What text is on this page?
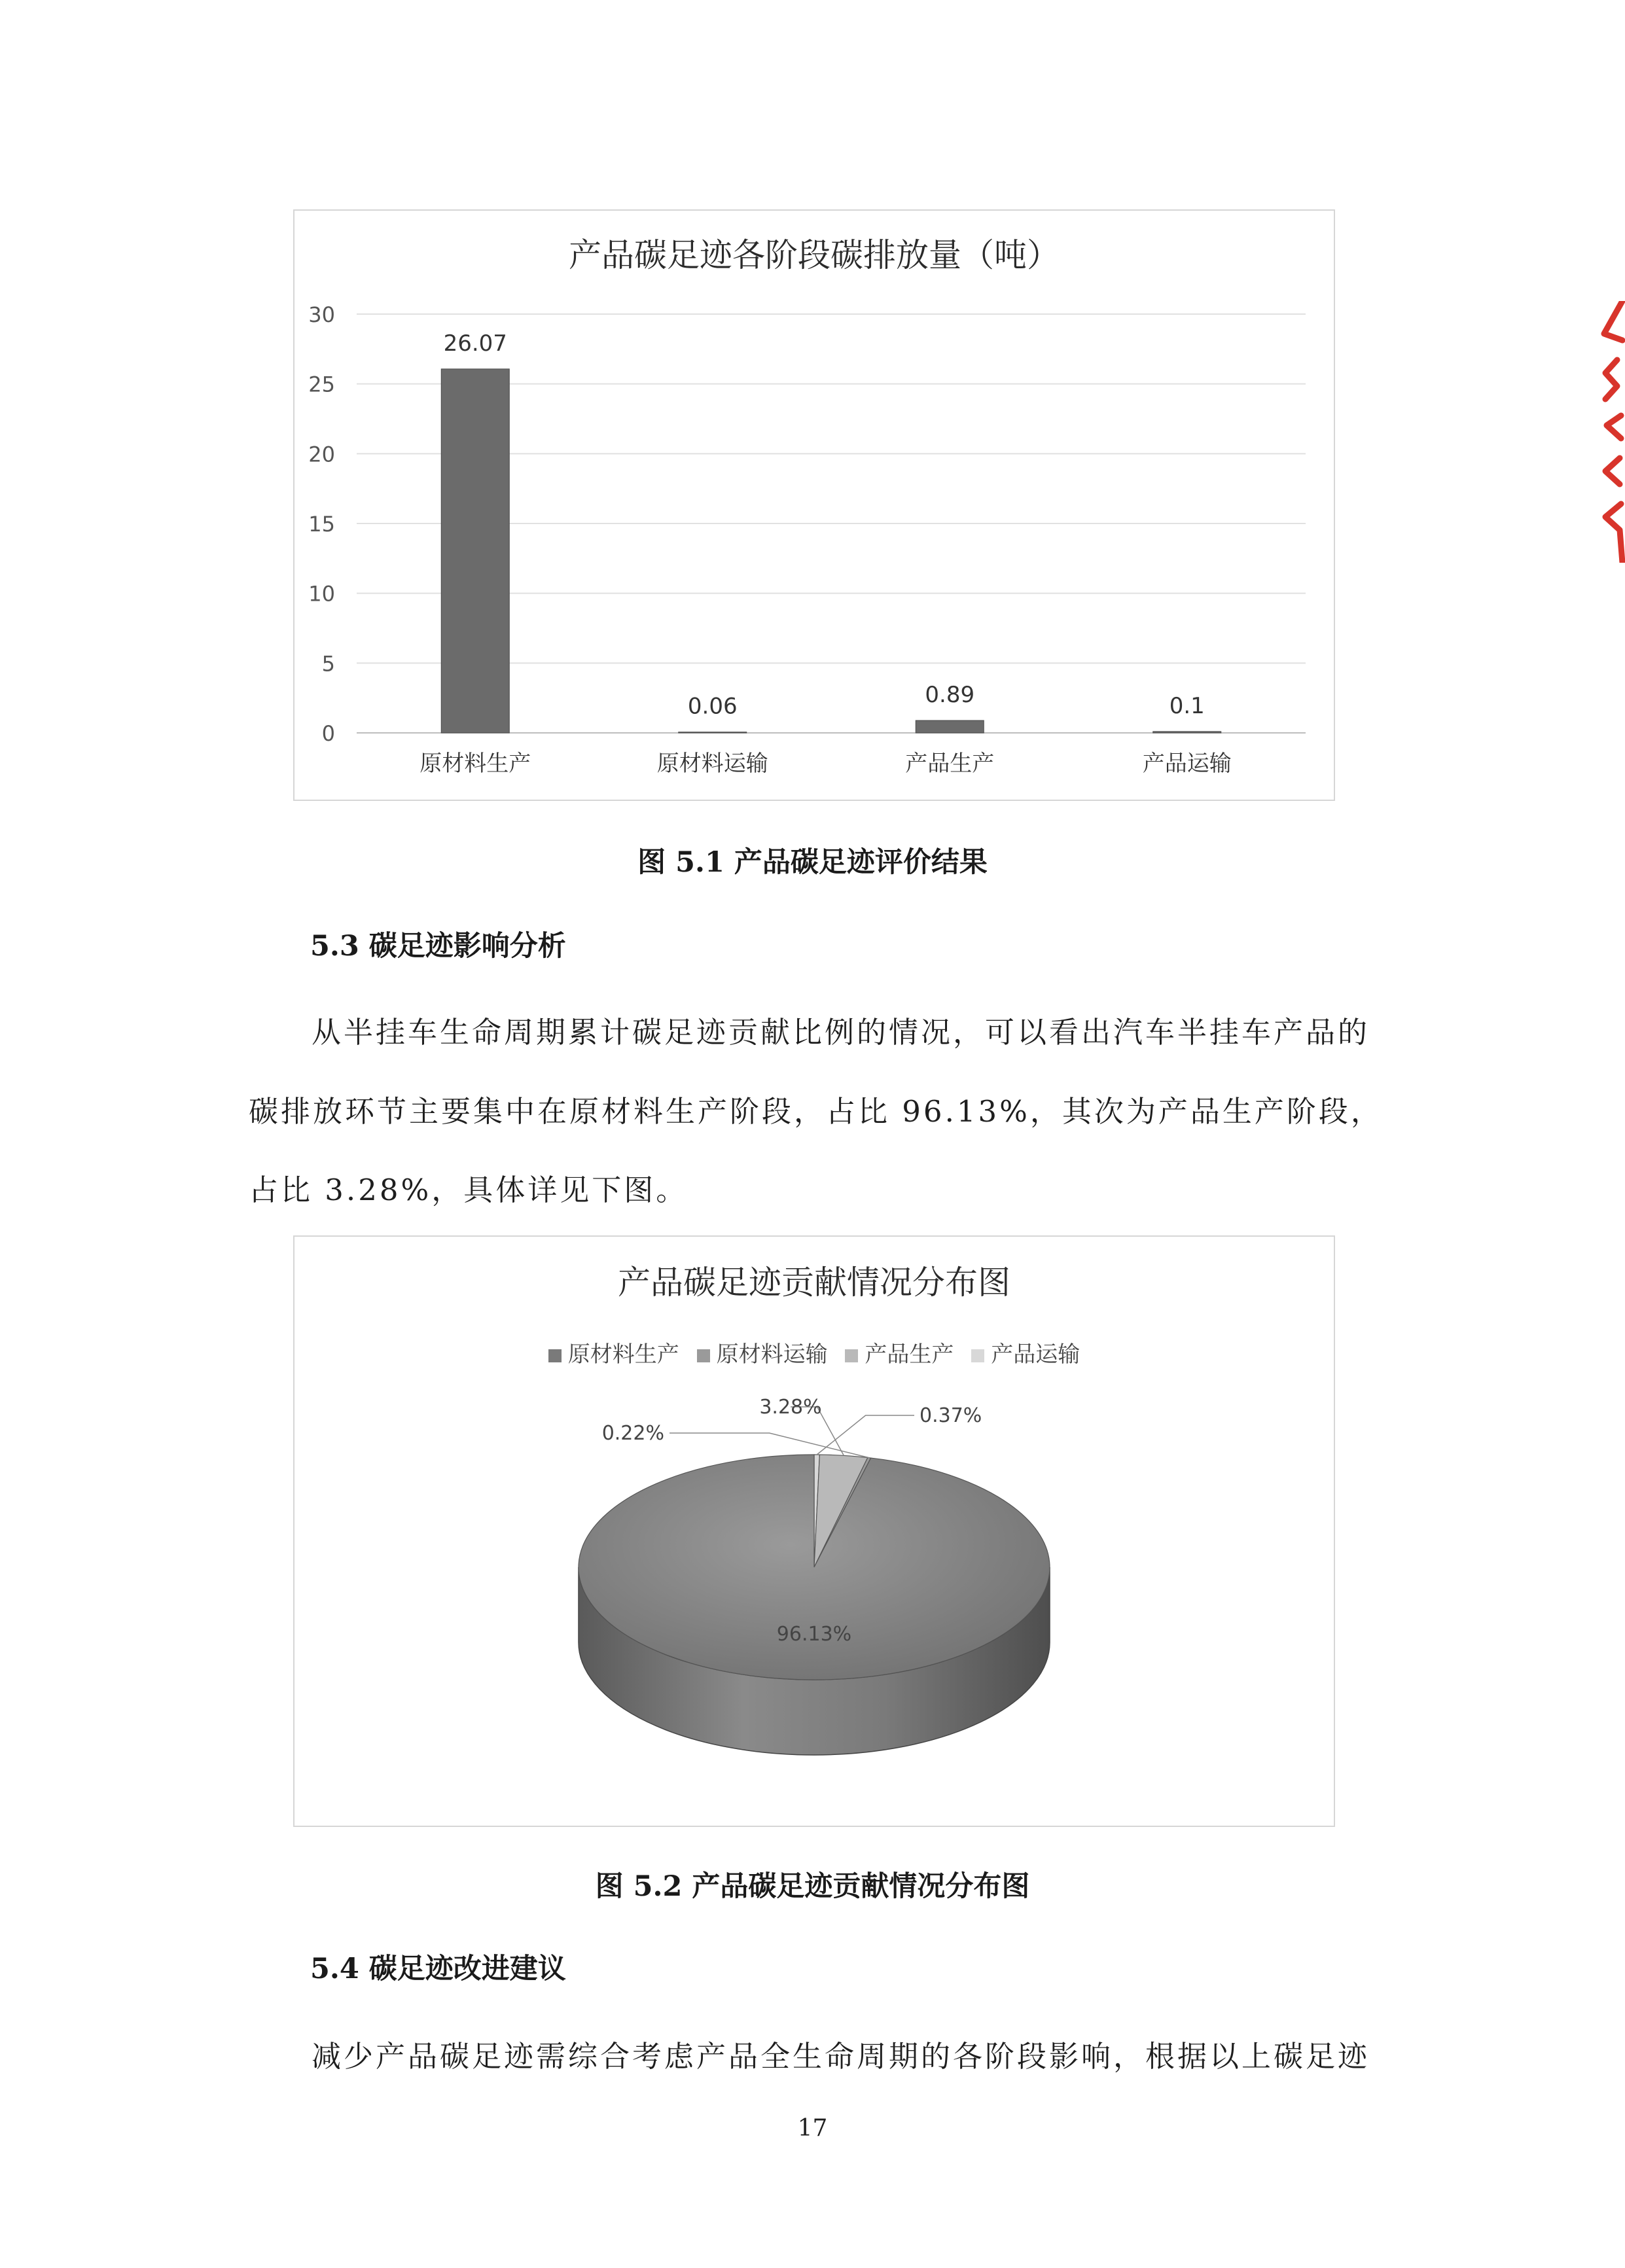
产品碳足迹各阶段碳排放量（吨）
0
5
10
15
20
25
30
26.07
原材料生产
0.06
原材料运输
0.89
产品生产
0.1
产品运输
图 5.1 产品碳足迹评价结果
5.3 碳足迹影响分析
从半挂车生命周期累计碳足迹贡献比例的情况，可以看出汽车半挂车产品的
碳排放环节主要集中在原材料生产阶段，占比 96.13%，其次为产品生产阶段，
占比 3.28%，具体详见下图。
产品碳足迹贡献情况分布图
原材料生产 原材料运输 产品生产 产品运输
96.13%
0.22%
3.28%	0.37%
图 5.2 产品碳足迹贡献情况分布图
5.4 碳足迹改进建议
减少产品碳足迹需综合考虑产品全生命周期的各阶段影响，根据以上碳足迹
17
